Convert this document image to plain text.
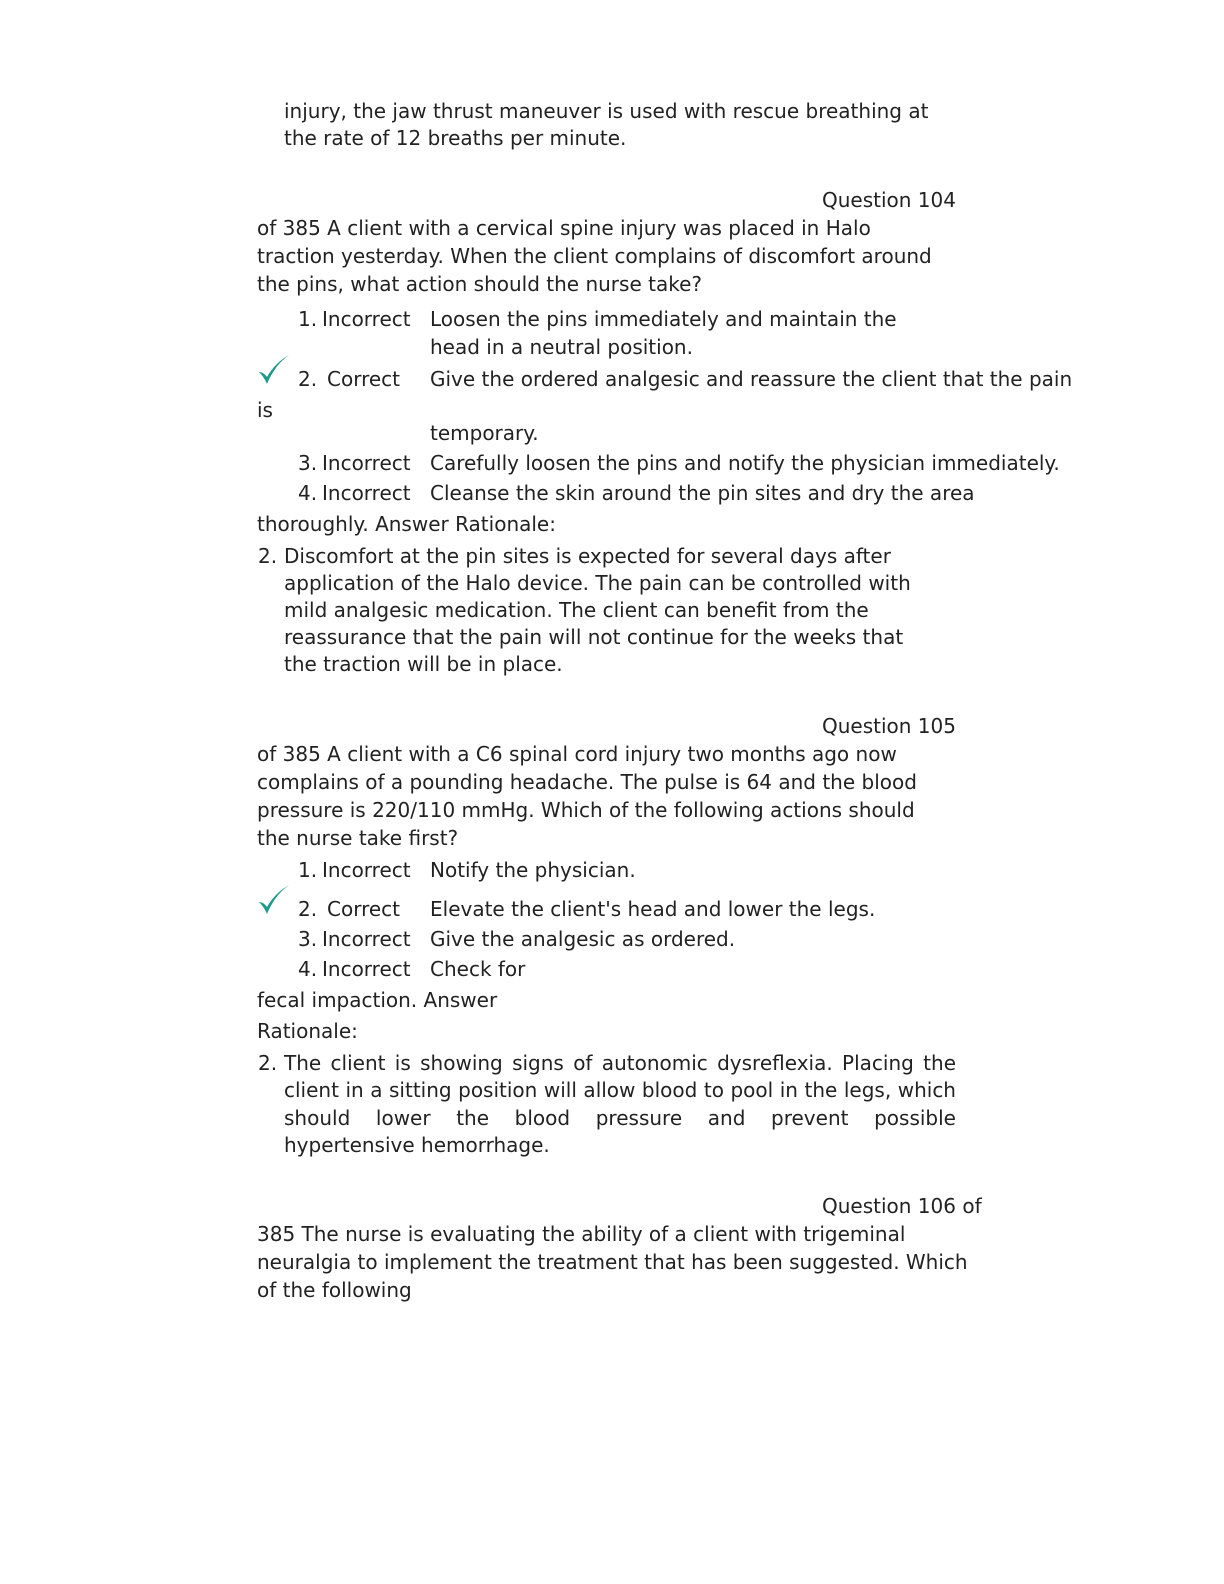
injury, the jaw thrust maneuver is used with rescue breathing at
the rate of 12 breaths per minute.
Question 104
of 385 A client with a cervical spine injury was placed in Halo
traction yesterday. When the client complains of discomfort around
the pins, what action should the nurse take?
1. Incorrect Loosen the pins immediately and maintain the
head in a neutral position.
2. Correct Give the ordered analgesic and reassure the client that the pain
is
temporary.
3. Incorrect Carefully loosen the pins and notify the physician immediately.
4. Incorrect Cleanse the skin around the pin sites and dry the area
thoroughly. Answer Rationale:
2. Discomfort at the pin sites is expected for several days after
application of the Halo device. The pain can be controlled with
mild analgesic medication. The client can benefit from the
reassurance that the pain will not continue for the weeks that
the traction will be in place.
Question 105
of 385 A client with a C6 spinal cord injury two months ago now
complains of a pounding headache. The pulse is 64 and the blood
pressure is 220/110 mmHg. Which of the following actions should
the nurse take first?
1. Incorrect Notify the physician.
2. Correct Elevate the client's head and lower the legs.
3. Incorrect Give the analgesic as ordered.
4. Incorrect Check for
fecal impaction. Answer
Rationale:
2. The client is showing signs of autonomic dysreflexia. Placing the client in a sitting position will allow blood to pool in the legs, which should lower the blood pressure and prevent possible hypertensive hemorrhage.
Question 106 of
385 The nurse is evaluating the ability of a client with trigeminal
neuralgia to implement the treatment that has been suggested. Which
of the following
